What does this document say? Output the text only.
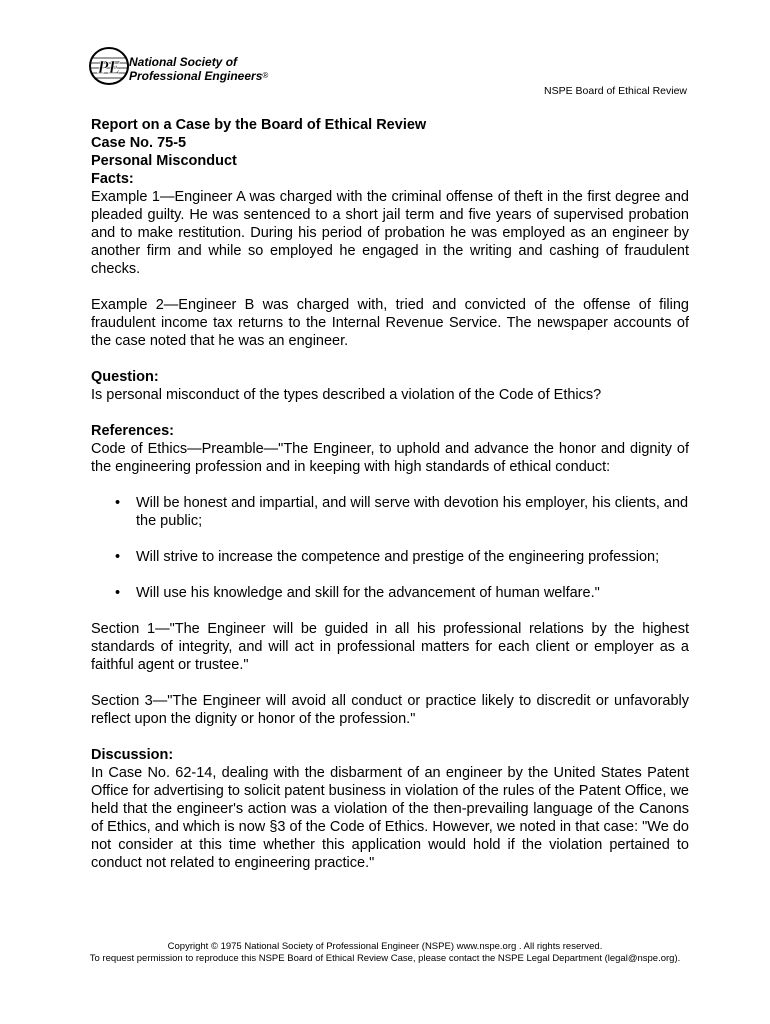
PE National Society of
Professional Engineers®
NSPE Board of Ethical Review

Report on a Case by the Board of Ethical Review

Case No. 75-5

Personal Misconduct

Facts:

Example 1—Engineer A was charged with the criminal offense of theft in the first degree and pleaded guilty. He was sentenced to a short jail term and five years of supervised probation and to make restitution. During his period of probation he was employed as an engineer by another firm and while so employed he engaged in the writing and cashing of fraudulent checks.

Example 2—Engineer B was charged with, tried and convicted of the offense of filing fraudulent income tax returns to the Internal Revenue Service. The newspaper accounts of the case noted that he was an engineer.

Question:

Is personal misconduct of the types described a violation of the Code of Ethics?

References:

Code of Ethics—Preamble—"The Engineer, to uphold and advance the honor and dignity of the engineering profession and in keeping with high standards of ethical conduct:

• Will be honest and impartial, and will serve with devotion his employer, his clients, and the public;
• Will strive to increase the competence and prestige of the engineering profession;
• Will use his knowledge and skill for the advancement of human welfare."

Section 1—"The Engineer will be guided in all his professional relations by the highest standards of integrity, and will act in professional matters for each client or employer as a faithful agent or trustee."

Section 3—"The Engineer will avoid all conduct or practice likely to discredit or unfavorably reflect upon the dignity or honor of the profession."

Discussion:

In Case No. 62-14, dealing with the disbarment of an engineer by the United States Patent Office for advertising to solicit patent business in violation of the rules of the Patent Office, we held that the engineer's action was a violation of the then-prevailing language of the Canons of Ethics, and which is now §3 of the Code of Ethics. However, we noted in that case: "We do not consider at this time whether this application would hold if the violation pertained to conduct not related to engineering practice."

Copyright © 1975 National Society of Professional Engineer (NSPE) www.nspe.org . All rights reserved.
To request permission to reproduce this NSPE Board of Ethical Review Case, please contact the NSPE Legal Department (legal@nspe.org).
